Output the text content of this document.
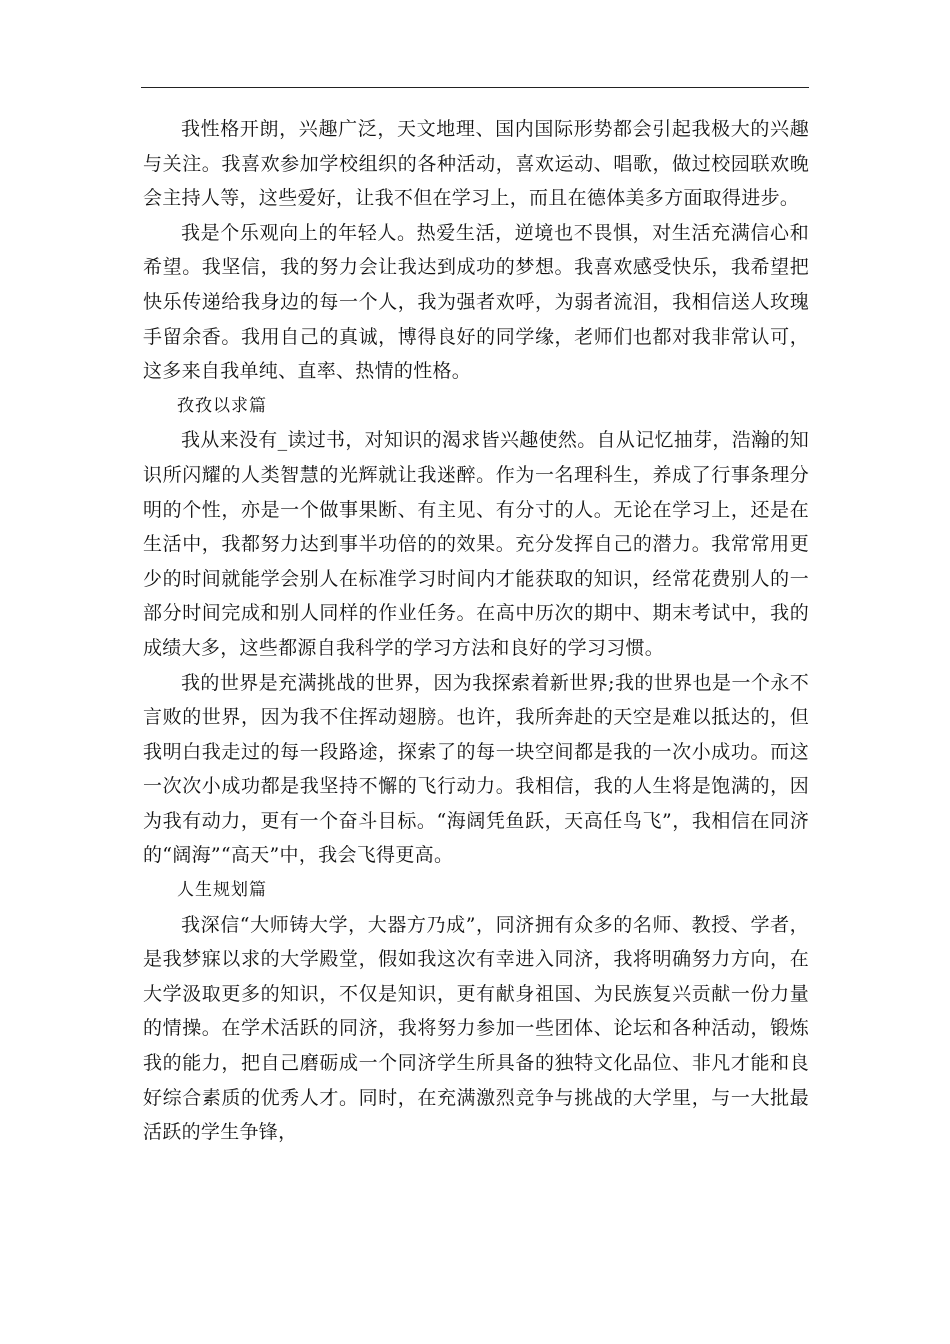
我性格开朗，兴趣广泛，天文地理、国内国际形势都会引起我极大的兴趣与关注。我喜欢参加学校组织的各种活动，喜欢运动、唱歌，做过校园联欢晚会主持人等，这些爱好，让我不但在学习上，而且在德体美多方面取得进步。

我是个乐观向上的年轻人。热爱生活，逆境也不畏惧，对生活充满信心和希望。我坚信，我的努力会让我达到成功的梦想。我喜欢感受快乐，我希望把快乐传递给我身边的每一个人，我为强者欢呼，为弱者流泪，我相信送人玫瑰手留余香。我用自己的真诚，博得良好的同学缘，老师们也都对我非常认可，这多来自我单纯、直率、热情的性格。

孜孜以求篇

我从来没有_读过书，对知识的渴求皆兴趣使然。自从记忆抽芽，浩瀚的知识所闪耀的人类智慧的光辉就让我迷醉。作为一名理科生，养成了行事条理分明的个性，亦是一个做事果断、有主见、有分寸的人。无论在学习上，还是在生活中，我都努力达到事半功倍的的效果。充分发挥自己的潜力。我常常用更少的时间就能学会别人在标准学习时间内才能获取的知识，经常花费别人的一部分时间完成和别人同样的作业任务。在高中历次的期中、期末考试中，我的成绩大多，这些都源自我科学的学习方法和良好的学习习惯。

我的世界是充满挑战的世界，因为我探索着新世界;我的世界也是一个永不言败的世界，因为我不住挥动翅膀。也许，我所奔赴的天空是难以抵达的，但我明白我走过的每一段路途，探索了的每一块空间都是我的一次小成功。而这一次次小成功都是我坚持不懈的飞行动力。我相信，我的人生将是饱满的，因为我有动力，更有一个奋斗目标。“海阔凭鱼跃，天高任鸟飞”，我相信在同济的“阔海”“高天”中，我会飞得更高。

人生规划篇

我深信“大师铸大学，大器方乃成”，同济拥有众多的名师、教授、学者，是我梦寐以求的大学殿堂，假如我这次有幸进入同济，我将明确努力方向，在大学汲取更多的知识，不仅是知识，更有献身祖国、为民族复兴贡献一份力量的情操。在学术活跃的同济，我将努力参加一些团体、论坛和各种活动，锻炼我的能力，把自己磨砺成一个同济学生所具备的独特文化品位、非凡才能和良好综合素质的优秀人才。同时，在充满激烈竞争与挑战的大学里，与一大批最活跃的学生争锋，
